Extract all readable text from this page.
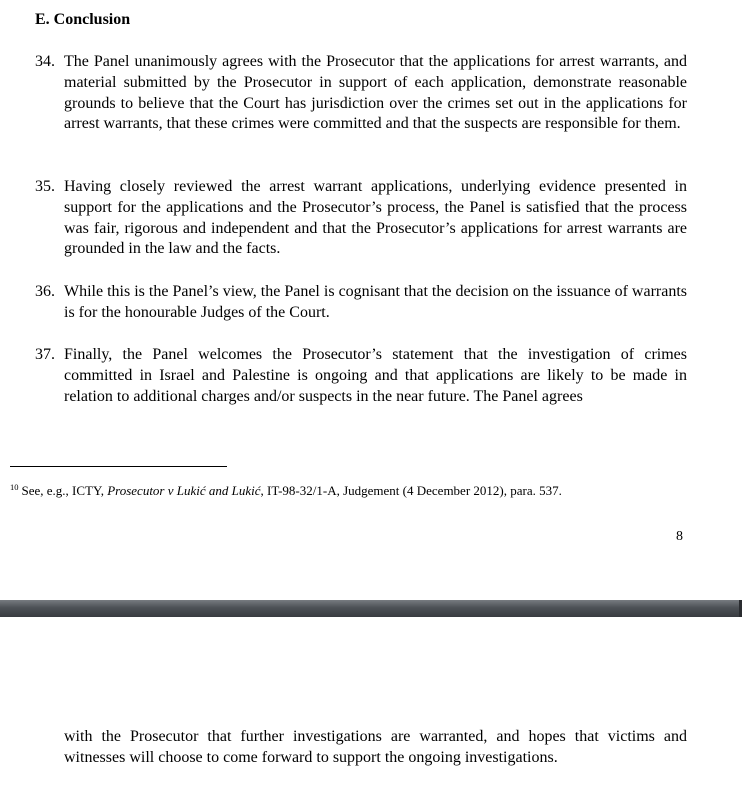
E. Conclusion
34. The Panel unanimously agrees with the Prosecutor that the applications for arrest warrants, and material submitted by the Prosecutor in support of each application, demonstrate reasonable grounds to believe that the Court has jurisdiction over the crimes set out in the applications for arrest warrants, that these crimes were committed and that the suspects are responsible for them.
35. Having closely reviewed the arrest warrant applications, underlying evidence presented in support for the applications and the Prosecutor’s process, the Panel is satisfied that the process was fair, rigorous and independent and that the Prosecutor’s applications for arrest warrants are grounded in the law and the facts.
36. While this is the Panel’s view, the Panel is cognisant that the decision on the issuance of warrants is for the honourable Judges of the Court.
37. Finally, the Panel welcomes the Prosecutor’s statement that the investigation of crimes committed in Israel and Palestine is ongoing and that applications are likely to be made in relation to additional charges and/or suspects in the near future. The Panel agrees

$^{10}$ See, e.g., ICTY, Prosecutor v Lukić and Lukić, IT-98-32/1-A, Judgement (4 December 2012), para. 537.

8

with the Prosecutor that further investigations are warranted, and hopes that victims and witnesses will choose to come forward to support the ongoing investigations.
